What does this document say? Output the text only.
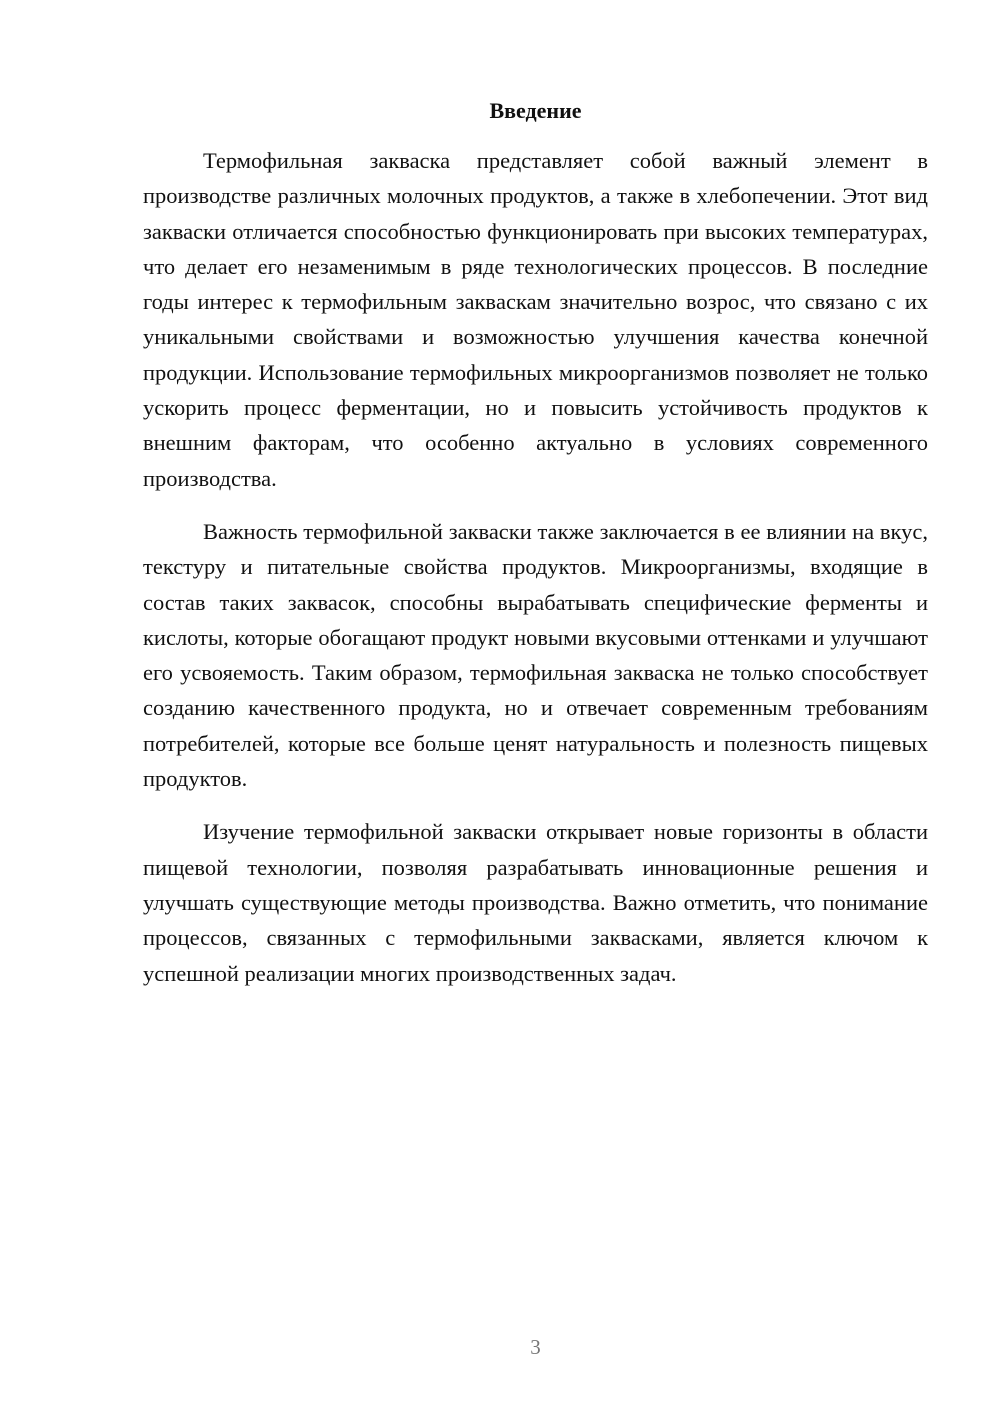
Введение

Термофильная закваска представляет собой важный элемент в производстве различных молочных продуктов, а также в хлебопечении. Этот вид закваски отличается способностью функционировать при высоких температурах, что делает его незаменимым в ряде технологических процессов. В последние годы интерес к термофильным заквaскам значительно возрос, что связано с их уникальными свойствами и возможностью улучшения качества конечной продукции. Использование термофильных микроорганизмов позволяет не только ускорить процесс ферментации, но и повысить устойчивость продуктов к внешним факторам, что особенно актуально в условиях современного производства.

Важность термофильной закваски также заключается в ее влиянии на вкус, текстуру и питательные свойства продуктов. Микроорганизмы, входящие в состав таких заквасок, способны вырабатывать специфические ферменты и кислоты, которые обогащают продукт новыми вкусовыми оттенками и улучшают его усвояемость. Таким образом, термофильная закваска не только способствует созданию качественного продукта, но и отвечает современным требованиям потребителей, которые все больше ценят натуральность и полезность пищевых продуктов.

Изучение термофильной закваски открывает новые горизонты в области пищевой технологии, позволяя разрабатывать инновационные решения и улучшать существующие методы производства. Важно отметить, что понимание процессов, связанных с термофильными заквасками, является ключом к успешной реализации многих производственных задач.

3
